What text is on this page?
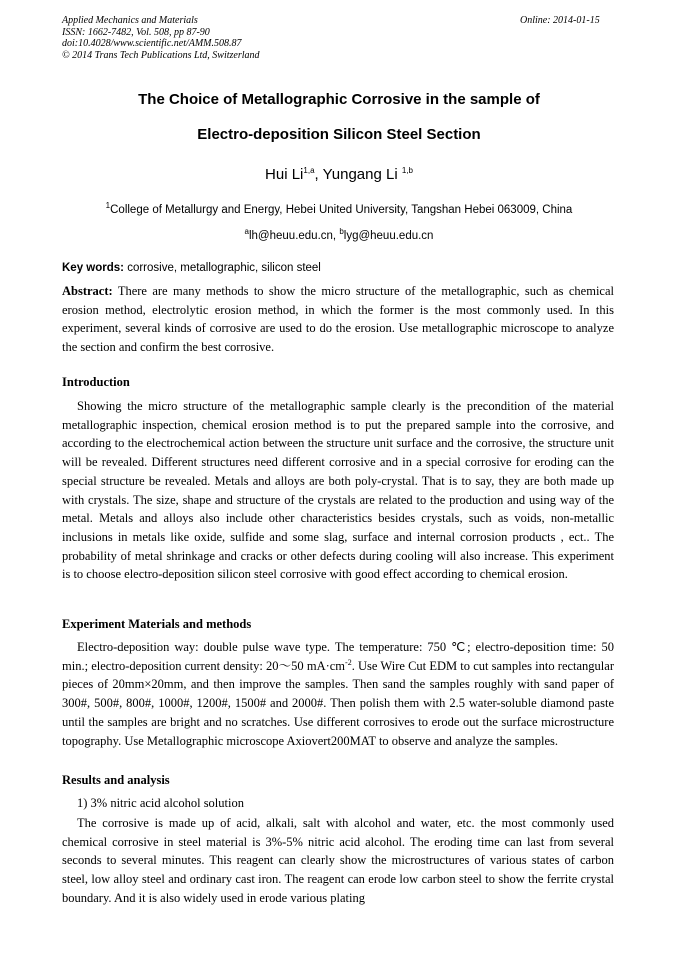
Applied Mechanics and Materials
ISSN: 1662-7482, Vol. 508, pp 87-90
doi:10.4028/www.scientific.net/AMM.508.87
© 2014 Trans Tech Publications Ltd, Switzerland
Online: 2014-01-15
The Choice of Metallographic Corrosive in the sample of
Electro-deposition Silicon Steel Section
Hui Li$^{1,a}$, Yungang Li $^{1,b}$
$^1$College of Metallurgy and Energy, Hebei United University, Tangshan Hebei 063009, China
$^a$lh@heuu.edu.cn, $^b$lyg@heuu.edu.cn
Key words: corrosive, metallographic, silicon steel

Abstract: There are many methods to show the micro structure of the metallographic, such as chemical erosion method, electrolytic erosion method, in which the former is the most commonly used. In this experiment, several kinds of corrosive are used to do the erosion. Use metallographic microscope to analyze the section and confirm the best corrosive.

Introduction

Showing the micro structure of the metallographic sample clearly is the precondition of the material metallographic inspection, chemical erosion method is to put the prepared sample into the corrosive, and according to the electrochemical action between the structure unit surface and the corrosive, the structure unit will be revealed. Different structures need different corrosive and in a special corrosive for eroding can the special structure be revealed. Metals and alloys are both poly-crystal. That is to say, they are both made up with crystals. The size, shape and structure of the crystals are related to the production and using way of the metal. Metals and alloys also include other characteristics besides crystals, such as voids, non-metallic inclusions in metals like oxide, sulfide and some slag, surface and internal corrosion products , ect.. The probability of metal shrinkage and cracks or other defects during cooling will also increase. This experiment is to choose electro-deposition silicon steel corrosive with good effect according to chemical erosion.

Experiment Materials and methods

Electro-deposition way: double pulse wave type. The temperature: 750 ℃; electro-deposition time: 50 min.; electro-deposition current density: 20～50 $mA\cdot cm^{-2}$. Use Wire Cut EDM to cut samples into rectangular pieces of 20mm×20mm, and then improve the samples. Then sand the samples roughly with sand paper of 300#, 500#, 800#, 1000#, 1200#, 1500# and 2000#. Then polish them with 2.5 water-soluble diamond paste until the samples are bright and no scratches. Use different corrosives to erode out the surface microstructure topography. Use Metallographic microscope Axiovert200MAT to observe and analyze the samples.

Results and analysis
1) 3% nitric acid alcohol solution

The corrosive is made up of acid, alkali, salt with alcohol and water, etc. the most commonly used chemical corrosive in steel material is 3%-5% nitric acid alcohol. The eroding time can last from several seconds to several minutes. This reagent can clearly show the microstructures of various states of carbon steel, low alloy steel and ordinary cast iron. The reagent can erode low carbon steel to show the ferrite crystal boundary. And it is also widely used in erode various plating
